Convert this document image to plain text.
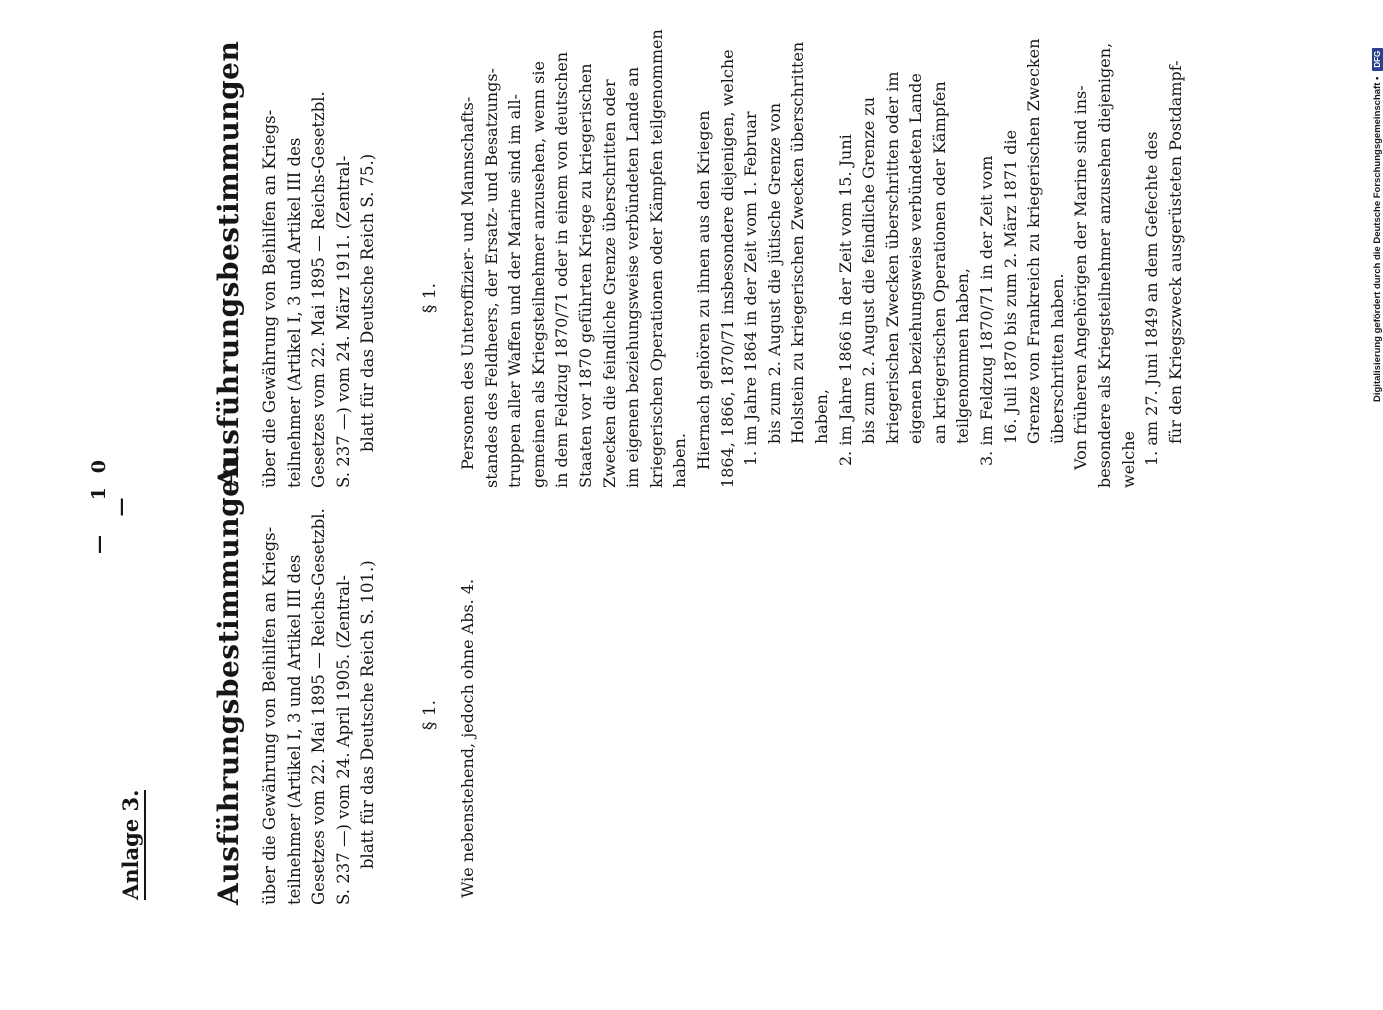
— 10 —
Anlage 3. Ausführungsbestimmungen über die Gewährung von Beihilfen an Kriegs- teilnehmer (Artikel I, 3 und Artikel III des Gesetzes vom 22. Mai 1895 — Reichs-Gesetzbl. S. 237 —) vom 24. April 1905. (Zentral- blatt für das Deutsche Reich S. 101.)	§ 1. Wie nebenstehend, jedoch ohne Abs. 4.
Ausführungsbestimmungen über die Gewährung von Beihilfen an Kriegs- teilnehmer (Artikel I, 3 und Artikel III des Gesetzes vom 22. Mai 1895 — Reichs-Gesetzbl. S. 237 —) vom 24. März 1911. (Zentral- blatt für das Deutsche Reich S. 75.)	§ 1. Personen des Unteroffizier- und Mannschafts- standes des Feldheers, der Ersatz- und Besatzungs- truppen aller Waffen und der Marine sind im all- gemeinen als Kriegsteilnehmer anzusehen, wenn sie in dem Feldzug 1870/71 oder in einem von deutschen Staaten vor 1870 geführten Kriege zu kriegerischen Zwecken die feindliche Grenze überschritten oder im eigenen beziehungsweise verbündeten Lande an kriegerischen Operationen oder Kämpfen teilgenommen haben. Hiernach gehören zu ihnen aus den Kriegen 1864, 1866, 1870/71 insbesondere diejenigen, welche 1. im Jahre 1864 in der Zeit vom 1. Februar bis zum 2. August die jütische Grenze von Holstein zu kriegerischen Zwecken überschritten haben, 2. im Jahre 1866 in der Zeit vom 15. Juni bis zum 2. August die feindliche Grenze zu kriegerischen Zwecken überschritten oder im eigenen beziehungsweise verbündeten Lande an kriegerischen Operationen oder Kämpfen teilgenommen haben, 3. im Feldzug 1870/71 in der Zeit vom 16. Juli 1870 bis zum 2. März 1871 die Grenze von Frankreich zu kriegerischen Zwecken überschritten haben. Von früheren Angehörigen der Marine sind ins- besondere als Kriegsteilnehmer anzusehen diejenigen, welche 1. am 27. Juni 1849 an dem Gefechte des für den Kriegszweck ausgerüsteten Postdampf-	Digitalisierung gefördert durch die Deutsche Forschungsgemeinschaft •
DFG
